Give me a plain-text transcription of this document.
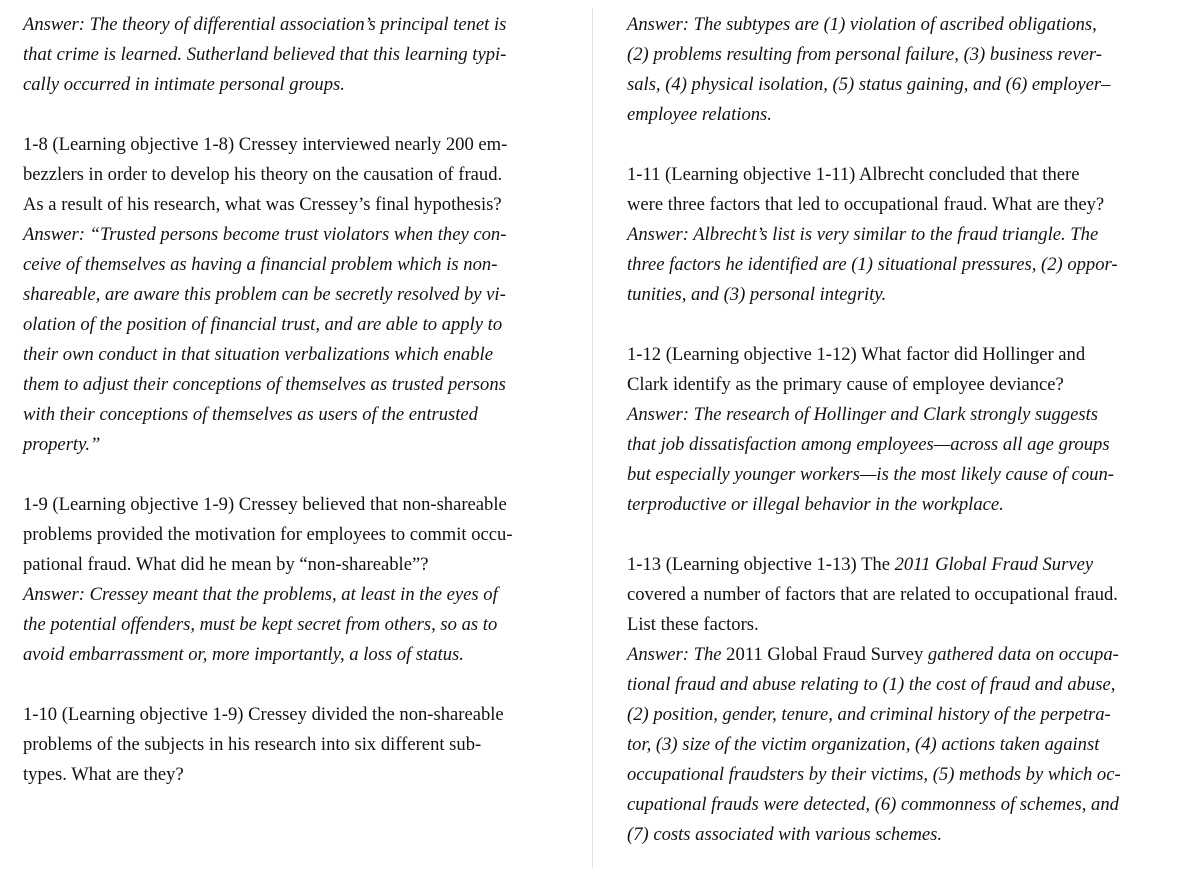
Answer: The theory of differential association’s principal tenet is
that crime is learned. Sutherland believed that this learning typi-
cally occurred in intimate personal groups.
1-8 (Learning objective 1-8) Cressey interviewed nearly 200 em-
bezzlers in order to develop his theory on the causation of fraud.
As a result of his research, what was Cressey’s final hypothesis?
Answer: “Trusted persons become trust violators when they con-
ceive of themselves as having a financial problem which is non-
shareable, are aware this problem can be secretly resolved by vi-
olation of the position of financial trust, and are able to apply to
their own conduct in that situation verbalizations which enable
them to adjust their conceptions of themselves as trusted persons
with their conceptions of themselves as users of the entrusted
property.”
1-9 (Learning objective 1-9) Cressey believed that non-shareable
problems provided the motivation for employees to commit occu-
pational fraud. What did he mean by “non-shareable”?
Answer: Cressey meant that the problems, at least in the eyes of
the potential offenders, must be kept secret from others, so as to
avoid embarrassment or, more importantly, a loss of status.
1-10 (Learning objective 1-9) Cressey divided the non-shareable
problems of the subjects in his research into six different sub-
types. What are they?
Answer: The subtypes are (1) violation of ascribed obligations,
(2) problems resulting from personal failure, (3) business rever-
sals, (4) physical isolation, (5) status gaining, and (6) employer–
employee relations.
1-11 (Learning objective 1-11) Albrecht concluded that there
were three factors that led to occupational fraud. What are they?
Answer: Albrecht’s list is very similar to the fraud triangle. The
three factors he identified are (1) situational pressures, (2) oppor-
tunities, and (3) personal integrity.
1-12 (Learning objective 1-12) What factor did Hollinger and
Clark identify as the primary cause of employee deviance?
Answer: The research of Hollinger and Clark strongly suggests
that job dissatisfaction among employees—across all age groups
but especially younger workers—is the most likely cause of coun-
terproductive or illegal behavior in the workplace.
1-13 (Learning objective 1-13) The 2011 Global Fraud Survey
covered a number of factors that are related to occupational fraud.
List these factors.
Answer: The 2011 Global Fraud Survey gathered data on occupa-
tional fraud and abuse relating to (1) the cost of fraud and abuse,
(2) position, gender, tenure, and criminal history of the perpetra-
tor, (3) size of the victim organization, (4) actions taken against
occupational fraudsters by their victims, (5) methods by which oc-
cupational frauds were detected, (6) commonness of schemes, and
(7) costs associated with various schemes.
